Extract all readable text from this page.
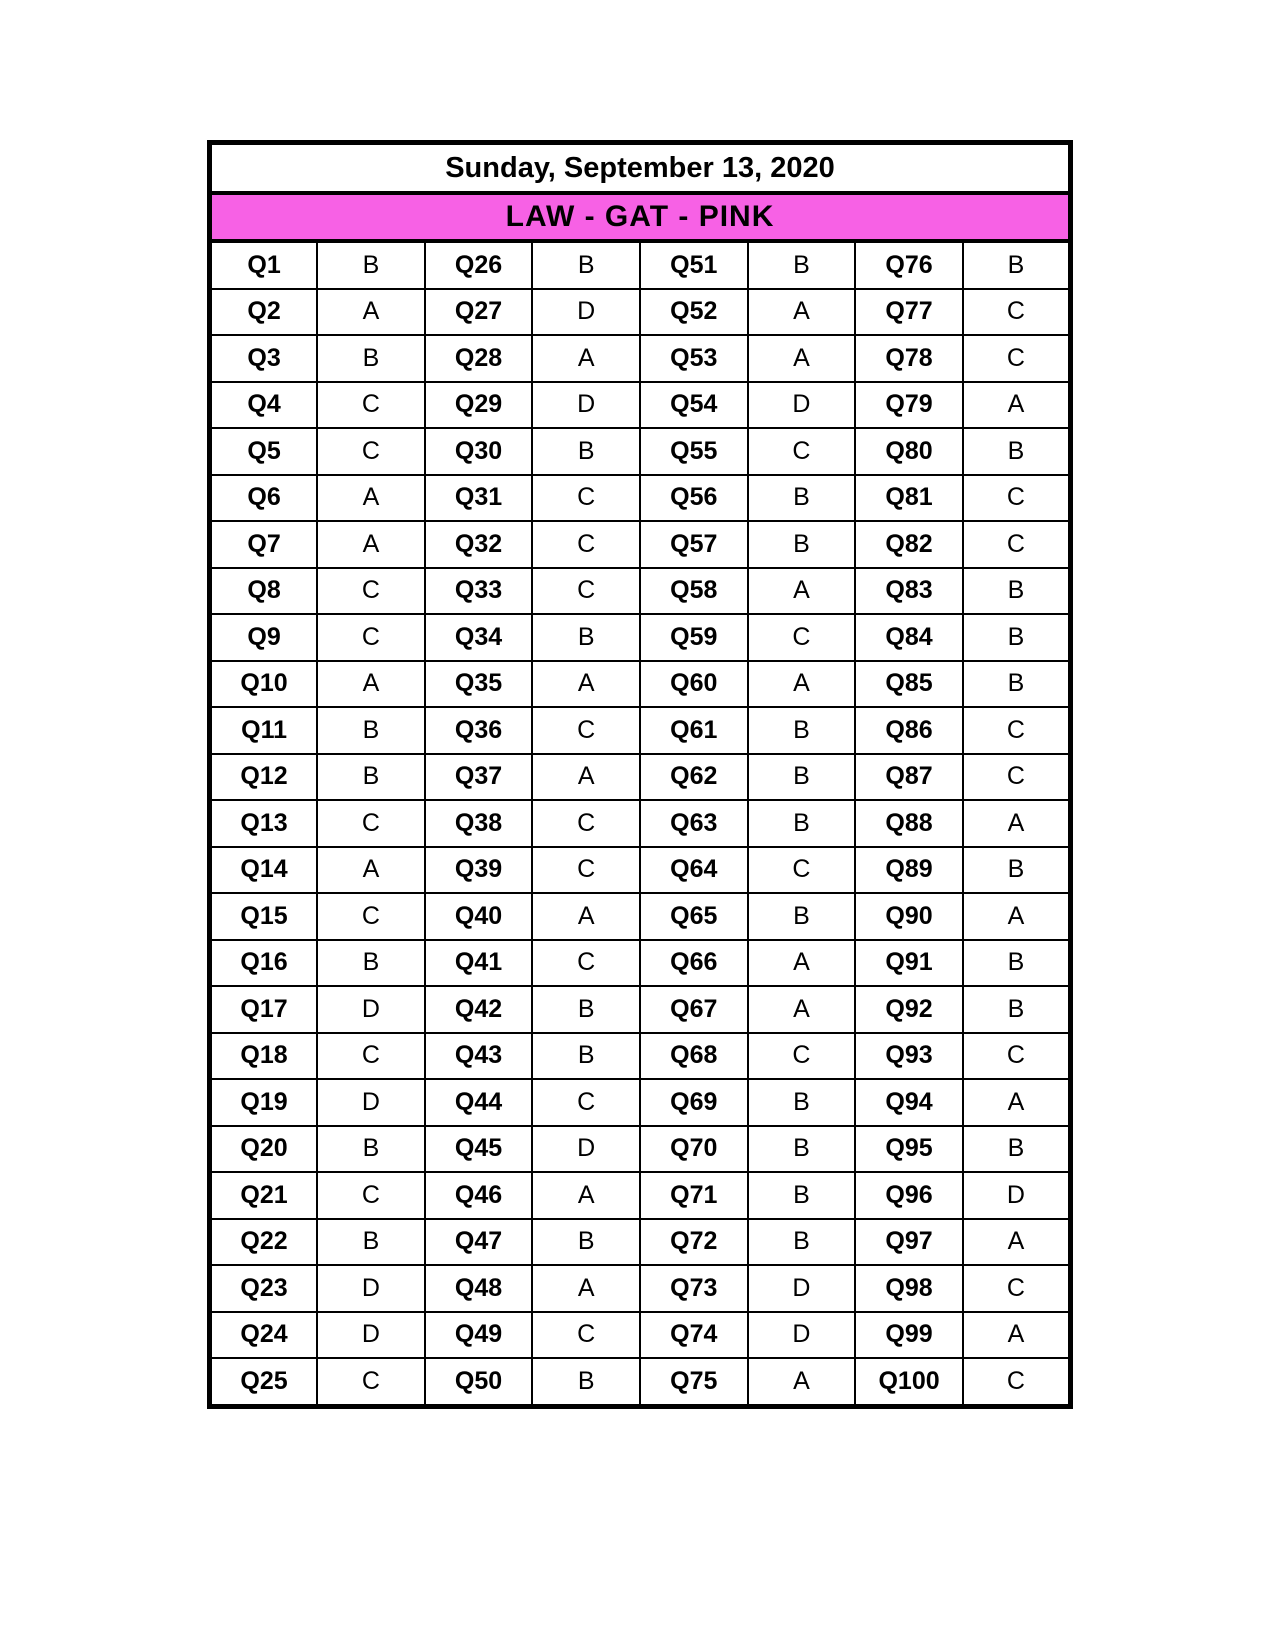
Sunday, September 13, 2020							
LAW - GAT - PINK							
Q1	B	Q26	B	Q51	B	Q76	B
Q2	A	Q27	D	Q52	A	Q77	C
Q3	B	Q28	A	Q53	A	Q78	C
Q4	C	Q29	D	Q54	D	Q79	A
Q5	C	Q30	B	Q55	C	Q80	B
Q6	A	Q31	C	Q56	B	Q81	C
Q7	A	Q32	C	Q57	B	Q82	C
Q8	C	Q33	C	Q58	A	Q83	B
Q9	C	Q34	B	Q59	C	Q84	B
Q10	A	Q35	A	Q60	A	Q85	B
Q11	B	Q36	C	Q61	B	Q86	C
Q12	B	Q37	A	Q62	B	Q87	C
Q13	C	Q38	C	Q63	B	Q88	A
Q14	A	Q39	C	Q64	C	Q89	B
Q15	C	Q40	A	Q65	B	Q90	A
Q16	B	Q41	C	Q66	A	Q91	B
Q17	D	Q42	B	Q67	A	Q92	B
Q18	C	Q43	B	Q68	C	Q93	C
Q19	D	Q44	C	Q69	B	Q94	A
Q20	B	Q45	D	Q70	B	Q95	B
Q21	C	Q46	A	Q71	B	Q96	D
Q22	B	Q47	B	Q72	B	Q97	A
Q23	D	Q48	A	Q73	D	Q98	C
Q24	D	Q49	C	Q74	D	Q99	A
Q25	C	Q50	B	Q75	A	Q100	C
